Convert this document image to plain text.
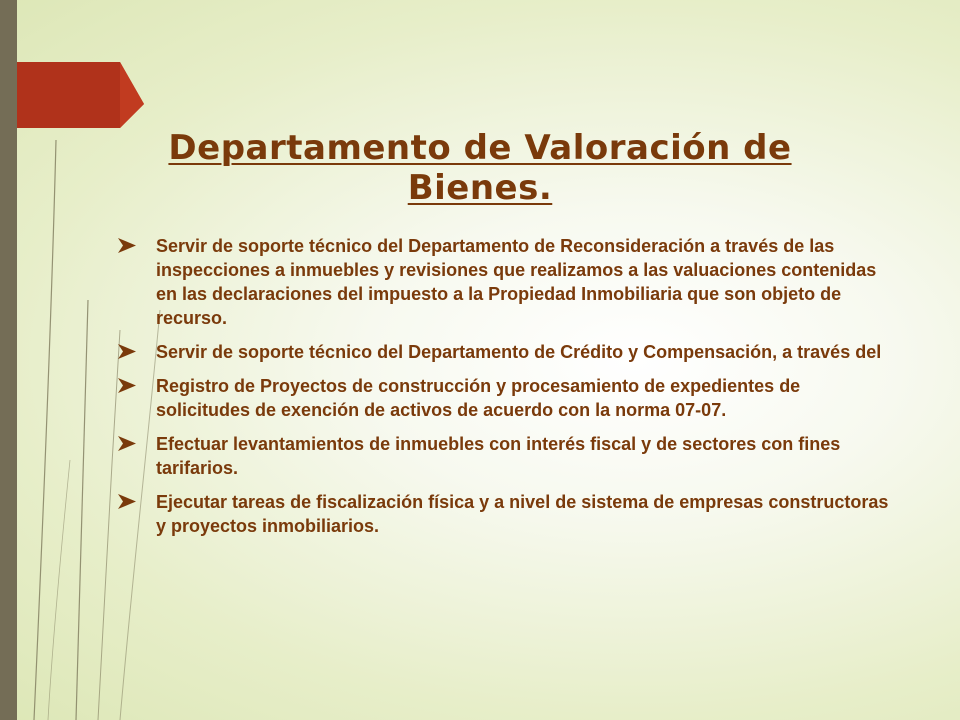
Departamento de Valoración de Bienes.
Servir de soporte técnico del Departamento de Reconsideración a través de las inspecciones a inmuebles y revisiones que realizamos a las valuaciones contenidas en las declaraciones del impuesto a la Propiedad Inmobiliaria que son objeto de recurso.
Servir de soporte técnico del Departamento de Crédito y Compensación, a través del
Registro de Proyectos de construcción y procesamiento de expedientes de solicitudes de exención de activos de acuerdo con la norma 07-07.
Efectuar levantamientos de inmuebles con interés fiscal y de sectores con fines tarifarios.
Ejecutar tareas de fiscalización física y a nivel de sistema de empresas constructoras y proyectos inmobiliarios.
